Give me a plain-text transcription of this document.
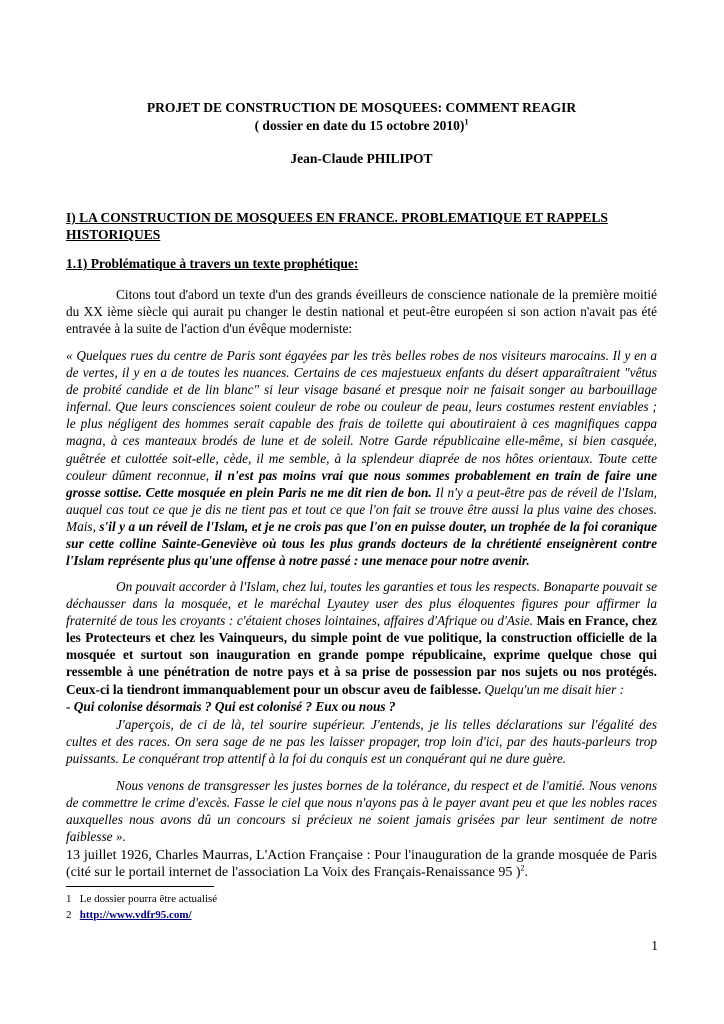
PROJET DE CONSTRUCTION DE MOSQUEES: COMMENT REAGIR
( dossier en date du 15 octobre 2010)$^1$
Jean-Claude PHILIPOT
I) LA CONSTRUCTION DE MOSQUEES EN FRANCE. PROBLEMATIQUE ET RAPPELS HISTORIQUES
1.1) Problématique à travers un texte prophétique:
Citons tout d'abord un texte d'un des grands éveilleurs de conscience nationale de la première moitié du XX ième siècle qui aurait pu changer le destin national et peut-être européen si son action n'avait pas été entravée à la suite de l'action d'un évêque moderniste:
« Quelques rues du centre de Paris sont égayées par les très belles robes de nos visiteurs marocains. Il y en a de vertes, il y en a de toutes les nuances. Certains de ces majestueux enfants du désert apparaîtraient "vêtus de probité candide et de lin blanc" si leur visage basané et presque noir ne faisait songer au barbouillage infernal. Que leurs consciences soient couleur de robe ou couleur de peau, leurs costumes restent enviables ; le plus négligent des hommes serait capable des frais de toilette qui aboutiraient à ces magnifiques cappa magna, à ces manteaux brodés de lune et de soleil. Notre Garde républicaine elle-même, si bien casquée, guêtrée et culottée soit-elle, cède, il me semble, à la splendeur diaprée de nos hôtes orientaux. Toute cette couleur dûment reconnue, il n'est pas moins vrai que nous sommes probablement en train de faire une grosse sottise. Cette mosquée en plein Paris ne me dit rien de bon. Il n'y a peut-être pas de réveil de l'Islam, auquel cas tout ce que je dis ne tient pas et tout ce que l'on fait se trouve être aussi la plus vaine des choses. Mais, s'il y a un réveil de l'Islam, et je ne crois pas que l'on en puisse douter, un trophée de la foi coranique sur cette colline Sainte-Geneviève où tous les plus grands docteurs de la chrétienté enseignèrent contre l'Islam représente plus qu'une offense à notre passé : une menace pour notre avenir.
On pouvait accorder à l'Islam, chez lui, toutes les garanties et tous les respects. Bonaparte pouvait se déchausser dans la mosquée, et le maréchal Lyautey user des plus éloquentes figures pour affirmer la fraternité de tous les croyants : c'étaient choses lointaines, affaires d'Afrique ou d'Asie. Mais en France, chez les Protecteurs et chez les Vainqueurs, du simple point de vue politique, la construction officielle de la mosquée et surtout son inauguration en grande pompe républicaine, exprime quelque chose qui ressemble à une pénétration de notre pays et à sa prise de possession par nos sujets ou nos protégés. Ceux-ci la tiendront immanquablement pour un obscur aveu de faiblesse. Quelqu'un me disait hier :
- Qui colonise désormais ? Qui est colonisé ? Eux ou nous ?
J'aperçois, de ci de là, tel sourire supérieur. J'entends, je lis telles déclarations sur l'égalité des cultes et des races. On sera sage de ne pas les laisser propager, trop loin d'ici, par des hauts-parleurs trop puissants. Le conquérant trop attentif à la foi du conquis est un conquérant qui ne dure guère.
Nous venons de transgresser les justes bornes de la tolérance, du respect et de l'amitié. Nous venons de commettre le crime d'excès. Fasse le ciel que nous n'ayons pas à le payer avant peu et que les nobles races auxquelles nous avons dû un concours si précieux ne soient jamais grisées par leur sentiment de notre faiblesse ».
13 juillet 1926, Charles Maurras, L'Action Française : Pour l'inauguration de la grande mosquée de Paris (cité sur le portail internet de l'association La Voix des Français-Renaissance 95 )$^2$.
1 Le dossier pourra être actualisé
2 http://www.vdfr95.com/
1
